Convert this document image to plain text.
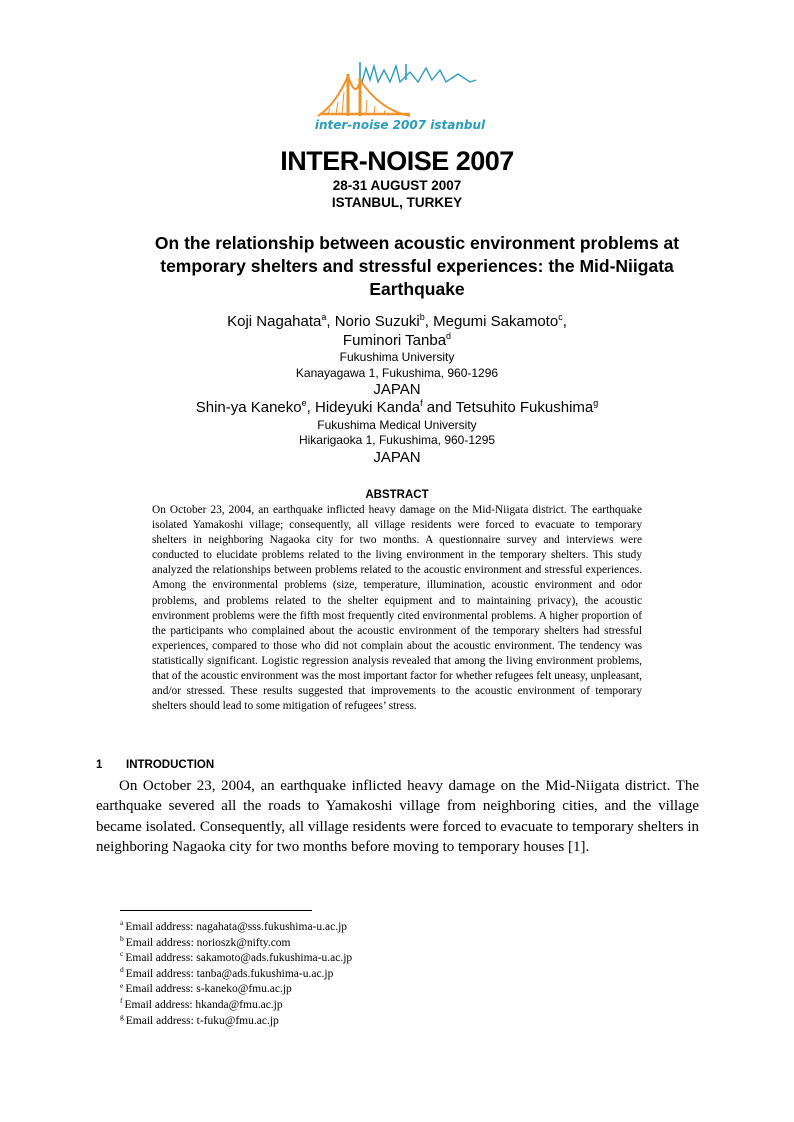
inter-noise 2007 istanbul
INTER-NOISE 2007
28-31 AUGUST 2007
ISTANBUL, TURKEY
On the relationship between acoustic environment problems at temporary shelters and stressful experiences: the Mid-Niigata Earthquake
Koji Nagahata$^a$, Norio Suzuki$^b$, Megumi Sakamoto$^c$,
Fuminori Tanba$^d$
Fukushima University
Kanayagawa 1, Fukushima, 960-1296
JAPAN
Shin-ya Kaneko$^e$, Hideyuki Kanda$^f$ and Tetsuhito Fukushima$^g$
Fukushima Medical University
Hikarigaoka 1, Fukushima, 960-1295
JAPAN
ABSTRACT
On October 23, 2004, an earthquake inflicted heavy damage on the Mid-Niigata district. The earthquake isolated Yamakoshi village; consequently, all village residents were forced to evacuate to temporary shelters in neighboring Nagaoka city for two months. A questionnaire survey and interviews were conducted to elucidate problems related to the living environment in the temporary shelters. This study analyzed the relationships between problems related to the acoustic environment and stressful experiences. Among the environmental problems (size, temperature, illumination, acoustic environment and odor problems, and problems related to the shelter equipment and to maintaining privacy), the acoustic environment problems were the fifth most frequently cited environmental problems. A higher proportion of the participants who complained about the acoustic environment of the temporary shelters had stressful experiences, compared to those who did not complain about the acoustic environment. The tendency was statistically significant. Logistic regression analysis revealed that among the living environment problems, that of the acoustic environment was the most important factor for whether refugees felt uneasy, unpleasant, and/or stressed. These results suggested that improvements to the acoustic environment of temporary shelters should lead to some mitigation of refugees’ stress.
1 INTRODUCTION
On October 23, 2004, an earthquake inflicted heavy damage on the Mid-Niigata district. The earthquake severed all the roads to Yamakoshi village from neighboring cities, and the village became isolated. Consequently, all village residents were forced to evacuate to temporary shelters in neighboring Nagaoka city for two months before moving to temporary houses [1].
$^a$ Email address: nagahata@sss.fukushima-u.ac.jp
$^b$ Email address: norioszk@nifty.com
$^c$ Email address: sakamoto@ads.fukushima-u.ac.jp
$^d$ Email address: tanba@ads.fukushima-u.ac.jp
$^e$ Email address: s-kaneko@fmu.ac.jp
$^f$ Email address: hkanda@fmu.ac.jp
$^g$ Email address: t-fuku@fmu.ac.jp
